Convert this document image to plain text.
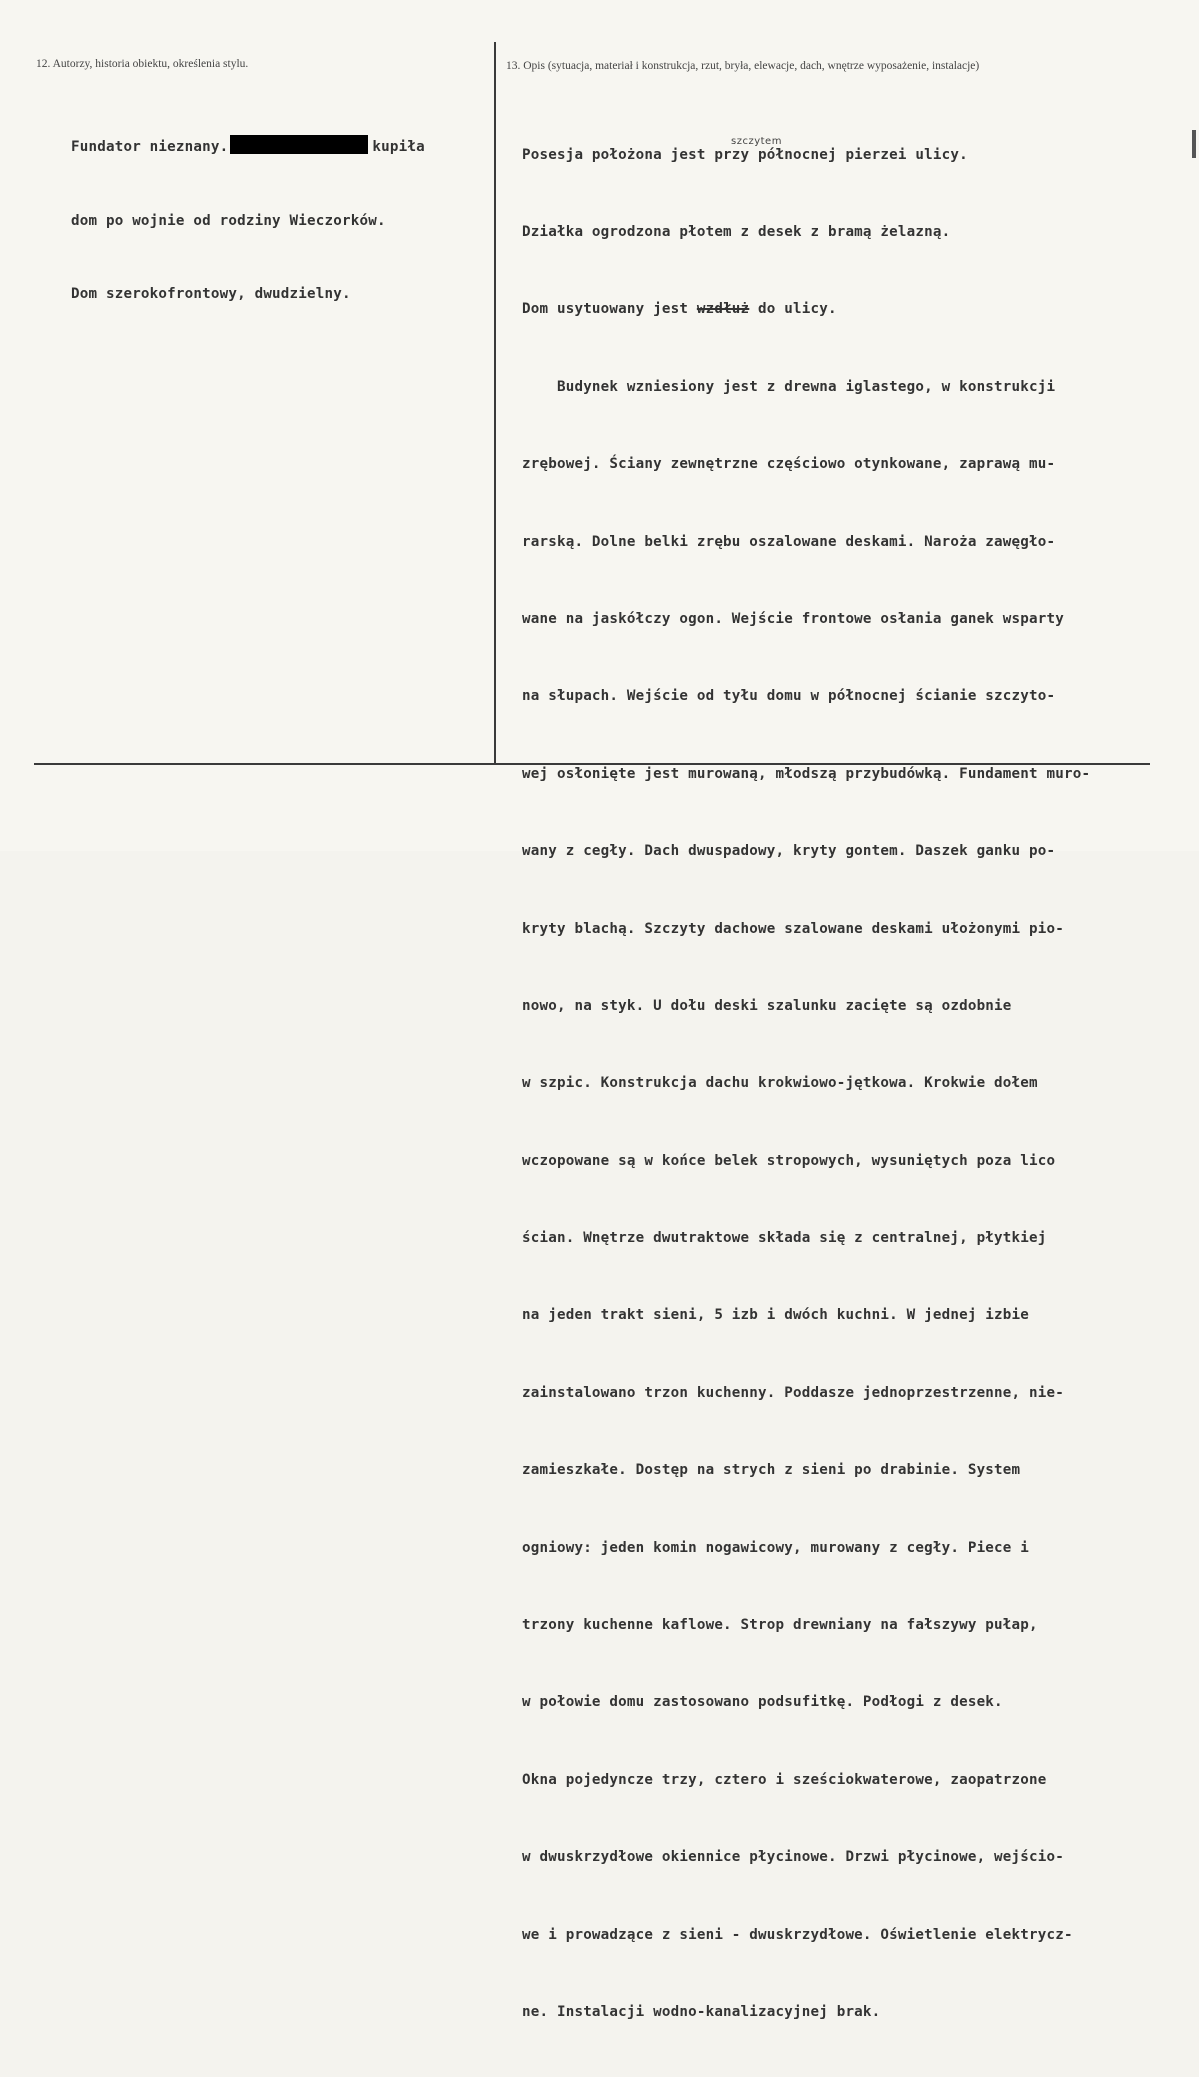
12. Autorzy, historia obiektu, określenia stylu.	13. Opis (sytuacja, materiał i konstrukcja, rzut, bryła, elewacje, dach, wnętrze wyposażenie, instalacje)

Fundator nieznany.	kupiła

dom po wojnie od rodziny Wieczorków.

Dom szerokofrontowy, dwudzielny.

szczytem

Posesja położona jest przy północnej pierzei ulicy.

Działka ogrodzona płotem z desek z bramą żelazną.

Dom usytuowany jest wzdłuż do ulicy.

Budynek wzniesiony jest z drewna iglastego, w konstrukcji

zrębowej. Ściany zewnętrzne częściowo otynkowane, zaprawą mu-

rarską. Dolne belki zrębu oszalowane deskami. Naroża zawęgło-

wane na jaskółczy ogon. Wejście frontowe osłania ganek wsparty

na słupach. Wejście od tyłu domu w północnej ścianie szczyto-

wej osłonięte jest murowaną, młodszą przybudówką. Fundament muro-

wany z cegły. Dach dwuspadowy, kryty gontem. Daszek ganku po-

kryty blachą. Szczyty dachowe szalowane deskami ułożonymi pio-

nowo, na styk. U dołu deski szalunku zacięte są ozdobnie

w szpic. Konstrukcja dachu krokwiowo-jętkowa. Krokwie dołem

wczopowane są w końce belek stropowych, wysuniętych poza lico

ścian. Wnętrze dwutraktowe składa się z centralnej, płytkiej

na jeden trakt sieni, 5 izb i dwóch kuchni. W jednej izbie

zainstalowano trzon kuchenny. Poddasze jednoprzestrzenne, nie-

zamieszkałe. Dostęp na strych z sieni po drabinie. System

ogniowy: jeden komin nogawicowy, murowany z cegły. Piece i

trzony kuchenne kaflowe. Strop drewniany na fałszywy pułap,

w połowie domu zastosowano podsufitkę. Podłogi z desek.

Okna pojedyncze trzy, cztero i sześciokwaterowe, zaopatrzone

w dwuskrzydłowe okiennice płycinowe. Drzwi płycinowe, wejścio-

we i prowadzące z sieni - dwuskrzydłowe. Oświetlenie elektrycz-

ne. Instalacji wodno-kanalizacyjnej brak.
